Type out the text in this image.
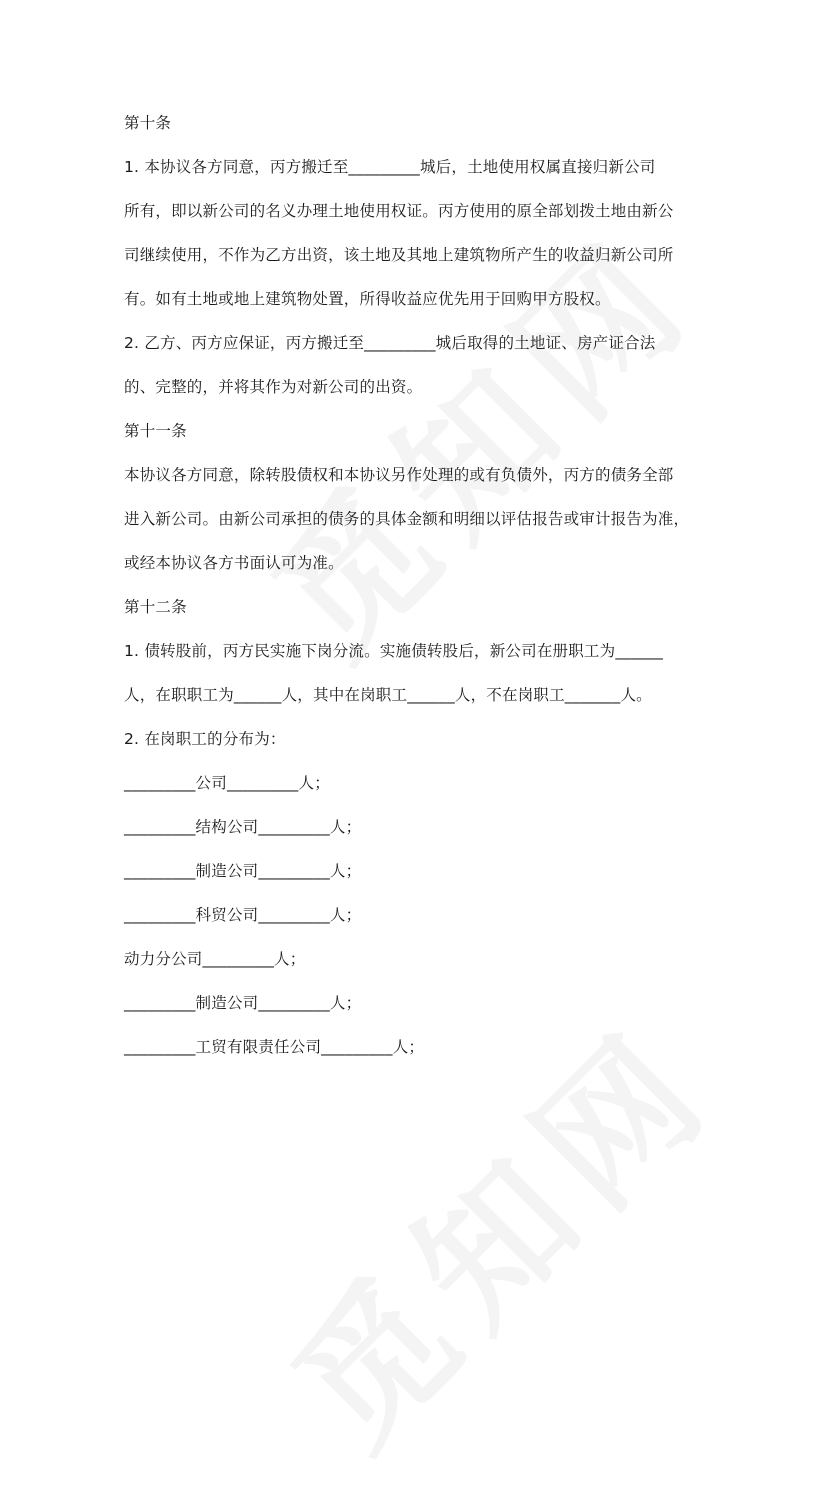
第十条
1. 本协议各方同意，丙方搬迁至_________城后，土地使用权属直接归新公司
所有，即以新公司的名义办理土地使用权证。丙方使用的原全部划拨土地由新公
司继续使用，不作为乙方出资，该土地及其地上建筑物所产生的收益归新公司所
有。如有土地或地上建筑物处置，所得收益应优先用于回购甲方股权。
2. 乙方、丙方应保证，丙方搬迁至_________城后取得的土地证、房产证合法
的、完整的，并将其作为对新公司的出资。
第十一条
本协议各方同意，除转股债权和本协议另作处理的或有负债外，丙方的债务全部
进入新公司。由新公司承担的债务的具体金额和明细以评估报告或审计报告为准，
或经本协议各方书面认可为准。
第十二条
1. 债转股前，丙方民实施下岗分流。实施债转股后，新公司在册职工为______
人，在职职工为______人，其中在岗职工______人，不在岗职工_______人。
2. 在岗职工的分布为：
_________公司_________人；
_________结构公司_________人；
_________制造公司_________人；
_________科贸公司_________人；
动力分公司_________人；
_________制造公司_________人；
_________工贸有限责任公司_________人；
